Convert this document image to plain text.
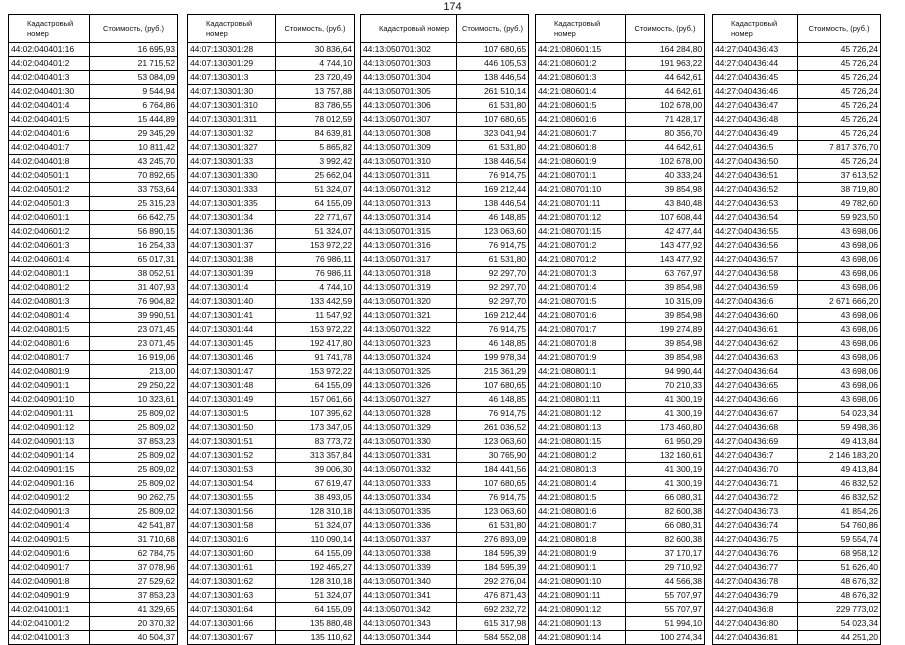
174
Кадастровый номер	Стоимость, (руб.)
44:02:040401:16	16 695,93
44:02:040401:2	21 715,52
44:02:040401:3	53 084,09
44:02:040401:30	9 544,94
44:02:040401:4	6 764,86
44:02:040401:5	15 444,89
44:02:040401:6	29 345,29
44:02:040401:7	10 811,42
44:02:040401:8	43 245,70
44:02:040501:1	70 892,65
44:02:040501:2	33 753,64
44:02:040501:3	25 315,23
44:02:040601:1	66 642,75
44:02:040601:2	56 890,15
44:02:040601:3	16 254,33
44:02:040601:4	65 017,31
44:02:040801:1	38 052,51
44:02:040801:2	31 407,93
44:02:040801:3	76 904,82
44:02:040801:4	39 990,51
44:02:040801:5	23 071,45
44:02:040801:6	23 071,45
44:02:040801:7	16 919,06
44:02:040801:9	213,00
44:02:040901:1	29 250,22
44:02:040901:10	10 323,61
44:02:040901:11	25 809,02
44:02:040901:12	25 809,02
44:02:040901:13	37 853,23
44:02:040901:14	25 809,02
44:02:040901:15	25 809,02
44:02:040901:16	25 809,02
44:02:040901:2	90 262,75
44:02:040901:3	25 809,02
44:02:040901:4	42 541,87
44:02:040901:5	31 710,68
44:02:040901:6	62 784,75
44:02:040901:7	37 078,96
44:02:040901:8	27 529,62
44:02:040901:9	37 853,23
44:02:041001:1	41 329,65
44:02:041001:2	20 370,32
44:02:041001:3	40 504,37
Кадастровый номер	Стоимость, (руб.)
44:07:130301:28	30 836,64
44:07:130301:29	4 744,10
44:07:130301:3	23 720,49
44:07:130301:30	13 757,88
44:07:130301:310	83 786,55
44:07:130301:311	78 012,59
44:07:130301:32	84 639,81
44:07:130301:327	5 865,82
44:07:130301:33	3 992,42
44:07:130301:330	25 662,04
44:07:130301:333	51 324,07
44:07:130301:335	64 155,09
44:07:130301:34	22 771,67
44:07:130301:36	51 324,07
44:07:130301:37	153 972,22
44:07:130301:38	76 986,11
44:07:130301:39	76 986,11
44:07:130301:4	4 744,10
44:07:130301:40	133 442,59
44:07:130301:41	11 547,92
44:07:130301:44	153 972,22
44:07:130301:45	192 417,80
44:07:130301:46	91 741,78
44:07:130301:47	153 972,22
44:07:130301:48	64 155,09
44:07:130301:49	157 061,66
44:07:130301:5	107 395,62
44:07:130301:50	173 347,05
44:07:130301:51	83 773,72
44:07:130301:52	313 357,84
44:07:130301:53	39 006,30
44:07:130301:54	67 619,47
44:07:130301:55	38 493,05
44:07:130301:56	128 310,18
44:07:130301:58	51 324,07
44:07:130301:6	110 090,14
44:07:130301:60	64 155,09
44:07:130301:61	192 465,27
44:07:130301:62	128 310,18
44:07:130301:63	51 324,07
44:07:130301:64	64 155,09
44:07:130301:66	135 880,48
44:07:130301:67	135 110,62
Кадастровый номер	Стоимость, (руб.)
44:13:050701:302	107 680,65
44:13:050701:303	446 105,53
44:13:050701:304	138 446,54
44:13:050701:305	261 510,14
44:13:050701:306	61 531,80
44:13:050701:307	107 680,65
44:13:050701:308	323 041,94
44:13:050701:309	61 531,80
44:13:050701:310	138 446,54
44:13:050701:311	76 914,75
44:13:050701:312	169 212,44
44:13:050701:313	138 446,54
44:13:050701:314	46 148,85
44:13:050701:315	123 063,60
44:13:050701:316	76 914,75
44:13:050701:317	61 531,80
44:13:050701:318	92 297,70
44:13:050701:319	92 297,70
44:13:050701:320	92 297,70
44:13:050701:321	169 212,44
44:13:050701:322	76 914,75
44:13:050701:323	46 148,85
44:13:050701:324	199 978,34
44:13:050701:325	215 361,29
44:13:050701:326	107 680,65
44:13:050701:327	46 148,85
44:13:050701:328	76 914,75
44:13:050701:329	261 036,52
44:13:050701:330	123 063,60
44:13:050701:331	30 765,90
44:13:050701:332	184 441,56
44:13:050701:333	107 680,65
44:13:050701:334	76 914,75
44:13:050701:335	123 063,60
44:13:050701:336	61 531,80
44:13:050701:337	276 893,09
44:13:050701:338	184 595,39
44:13:050701:339	184 595,39
44:13:050701:340	292 276,04
44:13:050701:341	476 871,43
44:13:050701:342	692 232,72
44:13:050701:343	615 317,98
44:13:050701:344	584 552,08
Кадастровый номер	Стоимость, (руб.)
44:21:080601:15	164 284,80
44:21:080601:2	191 963,22
44:21:080601:3	44 642,61
44:21:080601:4	44 642,61
44:21:080601:5	102 678,00
44:21:080601:6	71 428,17
44:21:080601:7	80 356,70
44:21:080601:8	44 642,61
44:21:080601:9	102 678,00
44:21:080701:1	40 333,24
44:21:080701:10	39 854,98
44:21:080701:11	43 840,48
44:21:080701:12	107 608,44
44:21:080701:15	42 477,44
44:21:080701:2	143 477,92
44:21:080701:2	143 477,92
44:21:080701:3	63 767,97
44:21:080701:4	39 854,98
44:21:080701:5	10 315,09
44:21:080701:6	39 854,98
44:21:080701:7	199 274,89
44:21:080701:8	39 854,98
44:21:080701:9	39 854,98
44:21:080801:1	94 990,44
44:21:080801:10	70 210,33
44:21:080801:11	41 300,19
44:21:080801:12	41 300,19
44:21:080801:13	173 460,80
44:21:080801:15	61 950,29
44:21:080801:2	132 160,61
44:21:080801:3	41 300,19
44:21:080801:4	41 300,19
44:21:080801:5	66 080,31
44:21:080801:6	82 600,38
44:21:080801:7	66 080,31
44:21:080801:8	82 600,38
44:21:080801:9	37 170,17
44:21:080901:1	29 710,92
44:21:080901:10	44 566,38
44:21:080901:11	55 707,97
44:21:080901:12	55 707,97
44:21:080901:13	51 994,10
44:21:080901:14	100 274,34
Кадастровый номер	Стоимость, (руб.)
44:27:040436:43	45 726,24
44:27:040436:44	45 726,24
44:27:040436:45	45 726,24
44:27:040436:46	45 726,24
44:27:040436:47	45 726,24
44:27:040436:48	45 726,24
44:27:040436:49	45 726,24
44:27:040436:5	7 817 376,70
44:27:040436:50	45 726,24
44:27:040436:51	37 613,52
44:27:040436:52	38 719,80
44:27:040436:53	49 782,60
44:27:040436:54	59 923,50
44:27:040436:55	43 698,06
44:27:040436:56	43 698,06
44:27:040436:57	43 698,06
44:27:040436:58	43 698,06
44:27:040436:59	43 698,06
44:27:040436:6	2 671 666,20
44:27:040436:60	43 698,06
44:27:040436:61	43 698,06
44:27:040436:62	43 698,06
44:27:040436:63	43 698,06
44:27:040436:64	43 698,06
44:27:040436:65	43 698,06
44:27:040436:66	43 698,06
44:27:040436:67	54 023,34
44:27:040436:68	59 498,36
44:27:040436:69	49 413,84
44:27:040436:7	2 146 183,20
44:27:040436:70	49 413,84
44:27:040436:71	46 832,52
44:27:040436:72	46 832,52
44:27:040436:73	41 854,26
44:27:040436:74	54 760,86
44:27:040436:75	59 554,74
44:27:040436:76	68 958,12
44:27:040436:77	51 626,40
44:27:040436:78	48 676,32
44:27:040436:79	48 676,32
44:27:040436:8	229 773,02
44:27:040436:80	54 023,34
44:27:040436:81	44 251,20
